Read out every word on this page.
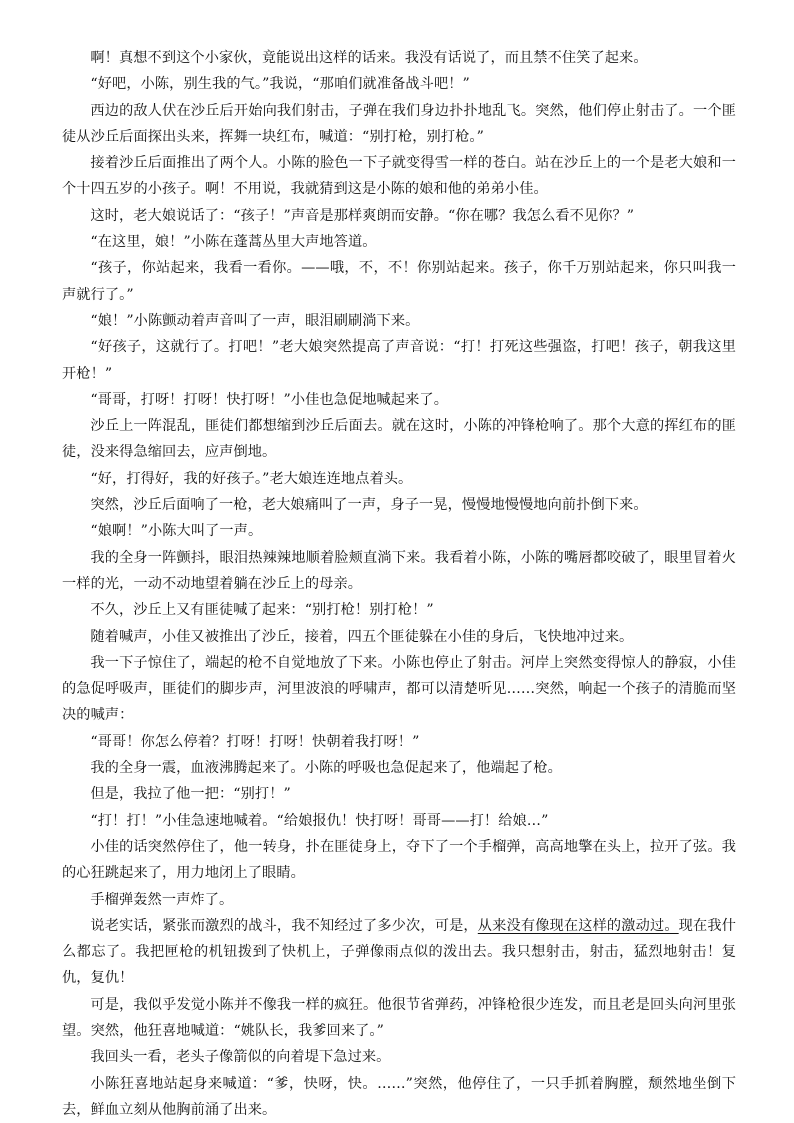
啊！真想不到这个小家伙，竟能说出这样的话来。我没有话说了，而且禁不住笑了起来。

“好吧，小陈，别生我的气。”我说，“那咱们就准备战斗吧！”

西边的敌人伏在沙丘后开始向我们射击，子弹在我们身边扑扑地乱飞。突然，他们停止射击了。一个匪徒从沙丘后面探出头来，挥舞一块红布，喊道：“别打枪，别打枪。”

接着沙丘后面推出了两个人。小陈的脸色一下子就变得雪一样的苍白。站在沙丘上的一个是老大娘和一个十四五岁的小孩子。啊！不用说，我就猜到这是小陈的娘和他的弟弟小佳。

这时，老大娘说话了：“孩子！”声音是那样爽朗而安静。“你在哪？我怎么看不见你？”

“在这里，娘！”小陈在蓬蒿丛里大声地答道。

“孩子，你站起来，我看一看你。——哦，不，不！你别站起来。孩子，你千万别站起来，你只叫我一声就行了。”

“娘！”小陈颤动着声音叫了一声，眼泪刷刷淌下来。

“好孩子，这就行了。打吧！”老大娘突然提高了声音说：“打！打死这些强盗，打吧！孩子，朝我这里开枪！”

“哥哥，打呀！打呀！快打呀！”小佳也急促地喊起来了。

沙丘上一阵混乱，匪徒们都想缩到沙丘后面去。就在这时，小陈的冲锋枪响了。那个大意的挥红布的匪徒，没来得急缩回去，应声倒地。

“好，打得好，我的好孩子。”老大娘连连地点着头。

突然，沙丘后面响了一枪，老大娘痛叫了一声，身子一晃，慢慢地慢慢地向前扑倒下来。

“娘啊！”小陈大叫了一声。

我的全身一阵颤抖，眼泪热辣辣地顺着脸颊直淌下来。我看着小陈，小陈的嘴唇都咬破了，眼里冒着火一样的光，一动不动地望着躺在沙丘上的母亲。

不久，沙丘上又有匪徒喊了起来：“别打枪！别打枪！”

随着喊声，小佳又被推出了沙丘，接着，四五个匪徒躲在小佳的身后，飞快地冲过来。

我一下子惊住了，端起的枪不自觉地放了下来。小陈也停止了射击。河岸上突然变得惊人的静寂，小佳的急促呼吸声，匪徒们的脚步声，河里波浪的呼啸声，都可以清楚听见……突然，响起一个孩子的清脆而坚决的喊声：

“哥哥！你怎么停着？打呀！打呀！快朝着我打呀！”

我的全身一震，血液沸腾起来了。小陈的呼吸也急促起来了，他端起了枪。

但是，我拉了他一把：“别打！”

“打！打！”小佳急速地喊着。“给娘报仇！快打呀！哥哥——打！给娘…”

小佳的话突然停住了，他一转身，扑在匪徒身上，夺下了一个手榴弹，高高地擎在头上，拉开了弦。我的心狂跳起来了，用力地闭上了眼睛。

手榴弹轰然一声炸了。

说老实话，紧张而激烈的战斗，我不知经过了多少次，可是，从来没有像现在这样的激动过。现在我什么都忘了。我把匣枪的机钮拨到了快机上，子弹像雨点似的泼出去。我只想射击，射击，猛烈地射击！复仇，复仇！

可是，我似乎发觉小陈并不像我一样的疯狂。他很节省弹药，冲锋枪很少连发，而且老是回头向河里张望。突然，他狂喜地喊道：“姚队长，我爹回来了。”

我回头一看，老头子像箭似的向着堤下急过来。

小陈狂喜地站起身来喊道：“爹，快呀，快。……”突然，他停住了，一只手抓着胸膛，颓然地坐倒下去，鲜血立刻从他胸前涌了出来。
